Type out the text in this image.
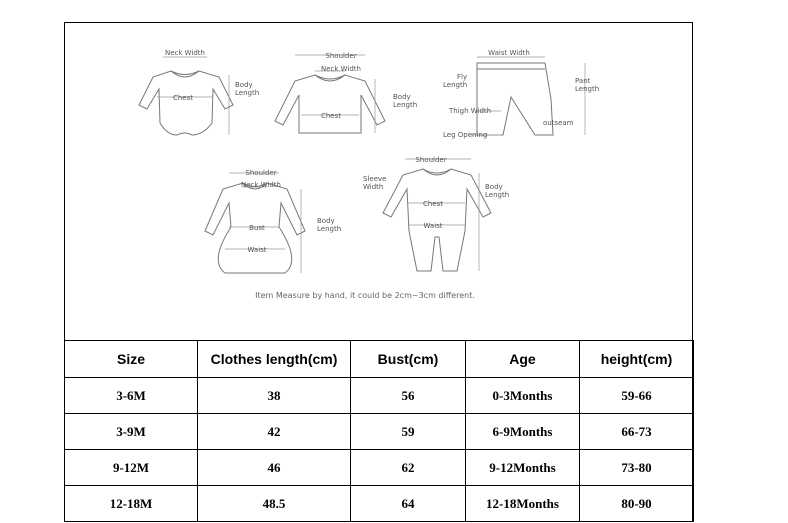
Neck Width
Body
Length
Chest
Shoulder
Neck Width
Body
Length
Chest
Waist Width
Fly
Length	Pant
Length
Thigh Width
Leg Opening
outseam
Shoulder
Neck Width
Bust
Body
Length
Waist
Sleeve
Width
Shoulder
Body
Length
Chest
Waist
Item Measure by hand, it could be 2cm~3cm different.
Size	Clothes length(cm)	Bust(cm)	Age	height(cm)
3-6M	38	56	0-3Months	59-66
3-9M	42	59	6-9Months	66-73
9-12M	46	62	9-12Months	73-80
12-18M	48.5	64	12-18Months	80-90
